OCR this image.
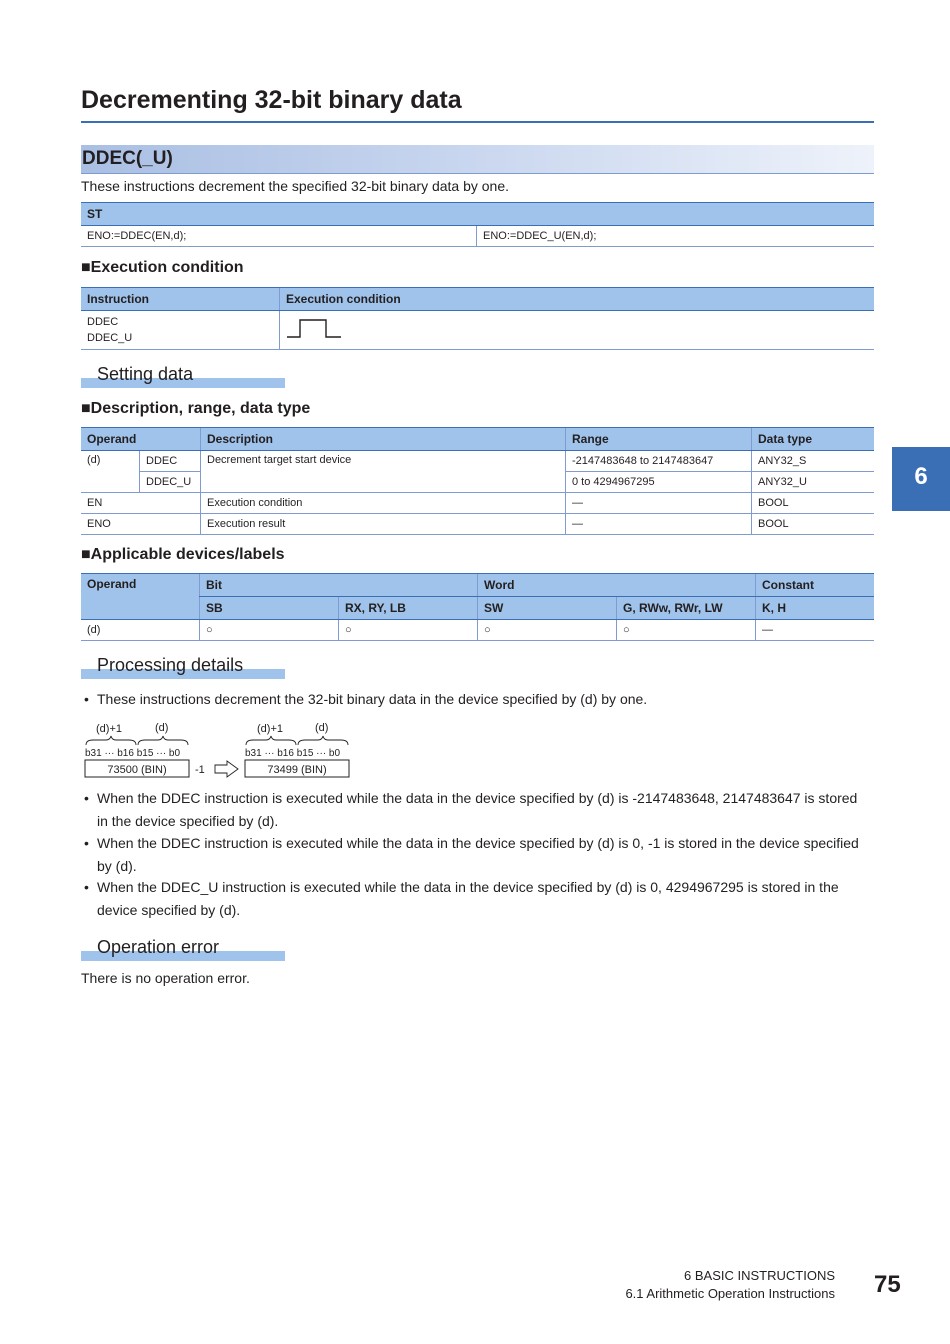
Decrementing 32-bit binary data
DDEC(_U)
These instructions decrement the specified 32-bit binary data by one.
ST
ENO:=DDEC(EN,d);	ENO:=DDEC_U(EN,d);
■Execution condition
Instruction	Execution condition

DDEC
DDEC_U

Setting data
■Description, range, data type
Operand		Description	Range	Data type
(d)	DDEC	Decrement target start device	-2147483648 to 2147483647	ANY32_S
	DDEC_U		0 to 4294967295	ANY32_U
EN		Execution condition	—	BOOL
ENO		Execution result	—	BOOL
■Applicable devices/labels
Operand	Bit		Word		Constant
	SB	RX, RY, LB	SW	G, RWw, RWr, LW	K, H
(d)	○	○	○	○	—
Processing details
• These instructions decrement the 32-bit binary data in the device specified by (d) by one.
(d)+1	(d)
b31 ··· b16 b15 ··· b0
73500 (BIN)	-1
(d)+1	(d)
b31 ··· b16 b15 ··· b0
73499 (BIN)
• When the DDEC instruction is executed while the data in the device specified by (d) is -2147483648, 2147483647 is stored
in the device specified by (d).
• When the DDEC instruction is executed while the data in the device specified by (d) is 0, -1 is stored in the device specified
by (d).
• When the DDEC_U instruction is executed while the data in the device specified by (d) is 0, 4294967295 is stored in the
device specified by (d).
Operation error
There is no operation error.
6
6 BASIC INSTRUCTIONS
6.1 Arithmetic Operation Instructions 75
